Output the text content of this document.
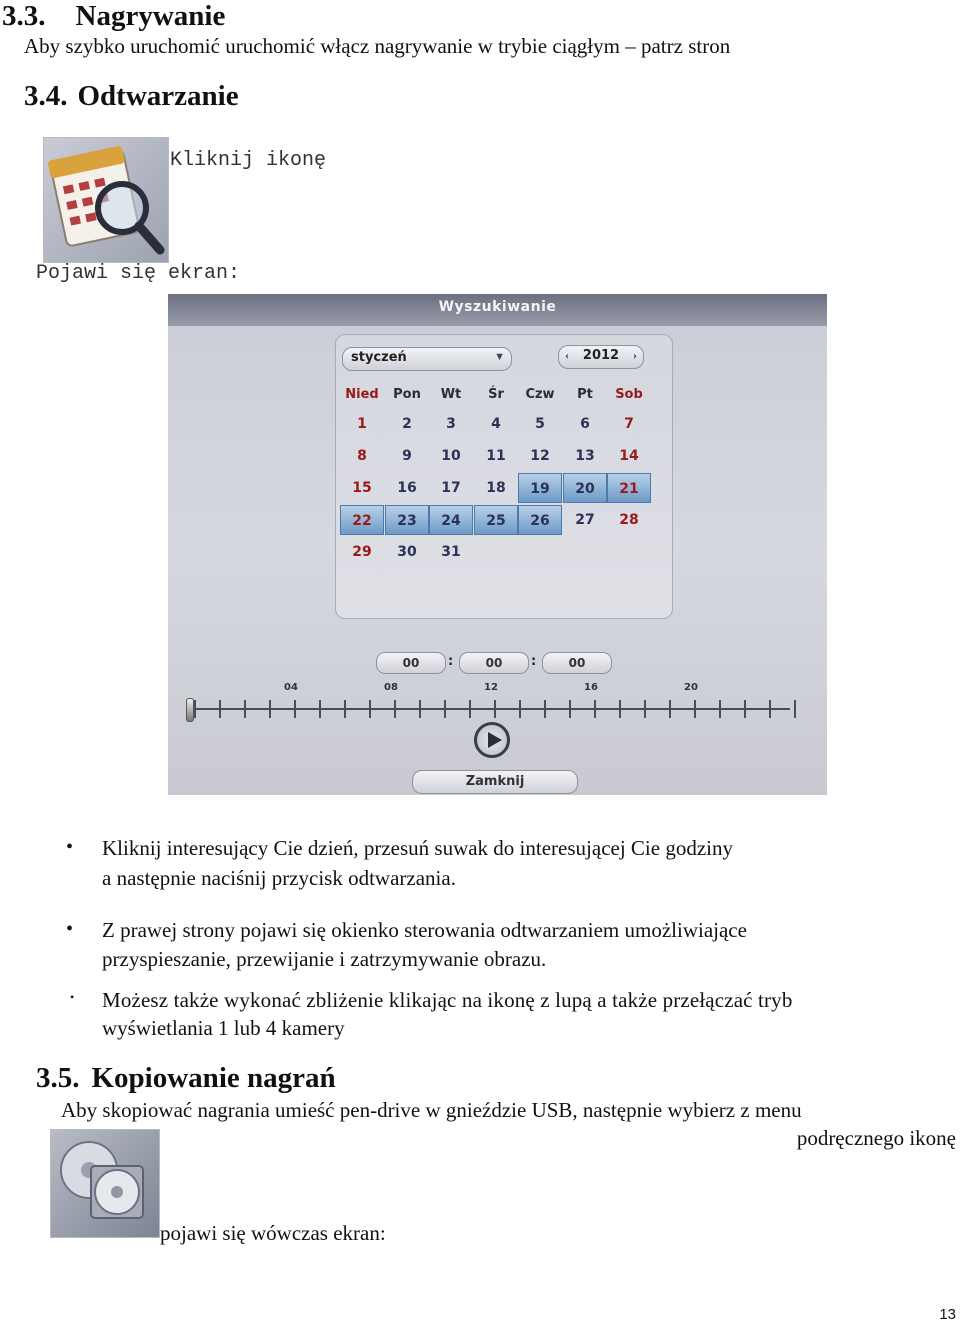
3.3. Nagrywanie
Aby szybko uruchomić uruchomić włącz nagrywanie w trybie ciągłym – patrz stron
3.4. Odtwarzanie
Kliknij ikonę
Pojawi się ekran:
Wyszukiwanie
styczeń	▼	‹	2012	›
Nied	Pon	Wt	Śr	Czw	Pt	Sob
1	2	3	4	5	6	7
8	9	10	11	12	13	14
15	16	17	18	19	20	21
22	23	24	25	26	27	28
29	30	31
00	:	00	:	00
04	08	12	16	20
Zamknij
• Kliknij interesujący Cie dzień, przesuń suwak do interesującej Cie godziny
a następnie naciśnij przycisk odtwarzania.
• Z prawej strony pojawi się okienko sterowania odtwarzaniem umożliwiające
przyspieszanie, przewijanie i zatrzymywanie obrazu.
• Możesz także wykonać zbliżenie klikając na ikonę z lupą a także przełączać tryb
wyświetlania 1 lub 4 kamery
3.5. Kopiowanie nagrań
Aby skopiować nagrania umieść pen-drive w gnieździe USB, następnie wybierz z menu
podręcznego ikonę
pojawi się wówczas ekran:
13
